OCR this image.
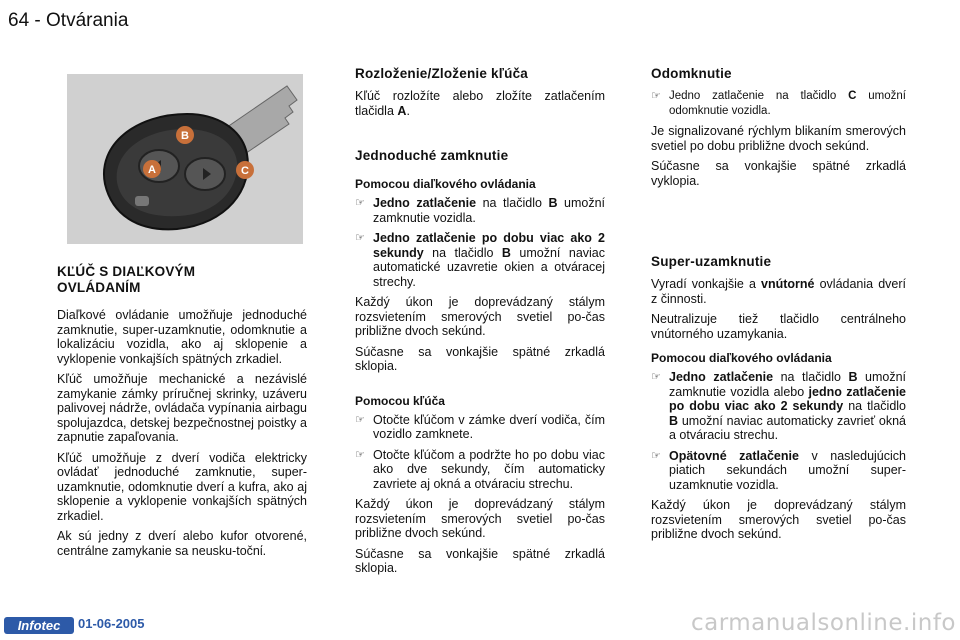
64 - Otvárania
B
A	C

KĽÚČ S DIAĽKOVÝM
OVLÁDANÍM

Diaľkové ovládanie umožňuje jednoduché zamknutie, super-uzamknutie, odomknutie a lokalizáciu vozidla, ako aj sklopenie a vyklopenie vonkajších spätných zrkadiel.

Kľúč umožňuje mechanické a nezávislé zamykanie zámky príručnej skrinky, uzáveru palivovej nádrže, ovládača vypínania airbagu spolujazdca, detskej bezpečnostnej poistky a zapnutie zapaľovania.

Kľúč umožňuje z dverí vodiča elektricky ovládať jednoduché zamknutie, super-uzamknutie, odomknutie dverí a kufra, ako aj sklopenie a vyklopenie vonkajších spätných zrkadiel.

Ak sú jedny z dverí alebo kufor otvorené, centrálne zamykanie sa neusku-točnί.

Rozloženie/Zloženie kľúča

Kľúč rozložíte alebo zložíte zatlačením tlačidla A.

Jednoduché zamknutie

Pomocou diaľkového ovládania

☞ Jedno zatlačenie na tlačidlo B umožní zamknutie vozidla.
☞ Jedno zatlačenie po dobu viac ako 2 sekundy na tlačidlo B umožní naviac automatické uzavretie okien a otváracej strechy.

Každý úkon je doprevádzaný stálym rozsvietením smerových svetiel po-čas približne dvoch sekúnd.

Súčasne sa vonkajšie spätné zrkadlá sklopia.

Pomocou kľúča

☞ Otočte kľúčom v zámke dverí vodiča, čím vozidlo zamknete.
☞ Otočte kľúčom a podržte ho po dobu viac ako dve sekundy, čím automaticky zavriete aj okná a otváraciu strechu.

Každý úkon je doprevádzaný stálym rozsvietením smerových svetiel po-čas približne dvoch sekúnd.

Súčasne sa vonkajšie spätné zrkadlá sklopia.

Odomknutie

☞ Jedno zatlačenie na tlačidlo C umožní odomknutie vozidla.

Je signalizované rýchlym blikaním smerových svetiel po dobu približne dvoch sekúnd.

Súčasne sa vonkajšie spätné zrkadlá vyklopia.

Super-uzamknutie

Vyradí vonkajšie a vnútorné ovládania dverí z činnosti.

Neutralizuje tiež tlačidlo centrálneho vnútorného uzamykania.

Pomocou diaľkového ovládania

☞ Jedno zatlačenie na tlačidlo B umožní zamknutie vozidla alebo jedno zatlačenie po dobu viac ako 2 sekundy na tlačidlo B umožní naviac automaticky zavrieť okná a otváraciu strechu.
☞ Opätovné zatlačenie v nasledujúcich piatich sekundách umožní super-uzamknutie vozidla.

Každý úkon je doprevádzaný stálym rozsvietením smerových svetiel po-čas približne dvoch sekúnd.

Infotec	01-06-2005	carmanualsonline.info
